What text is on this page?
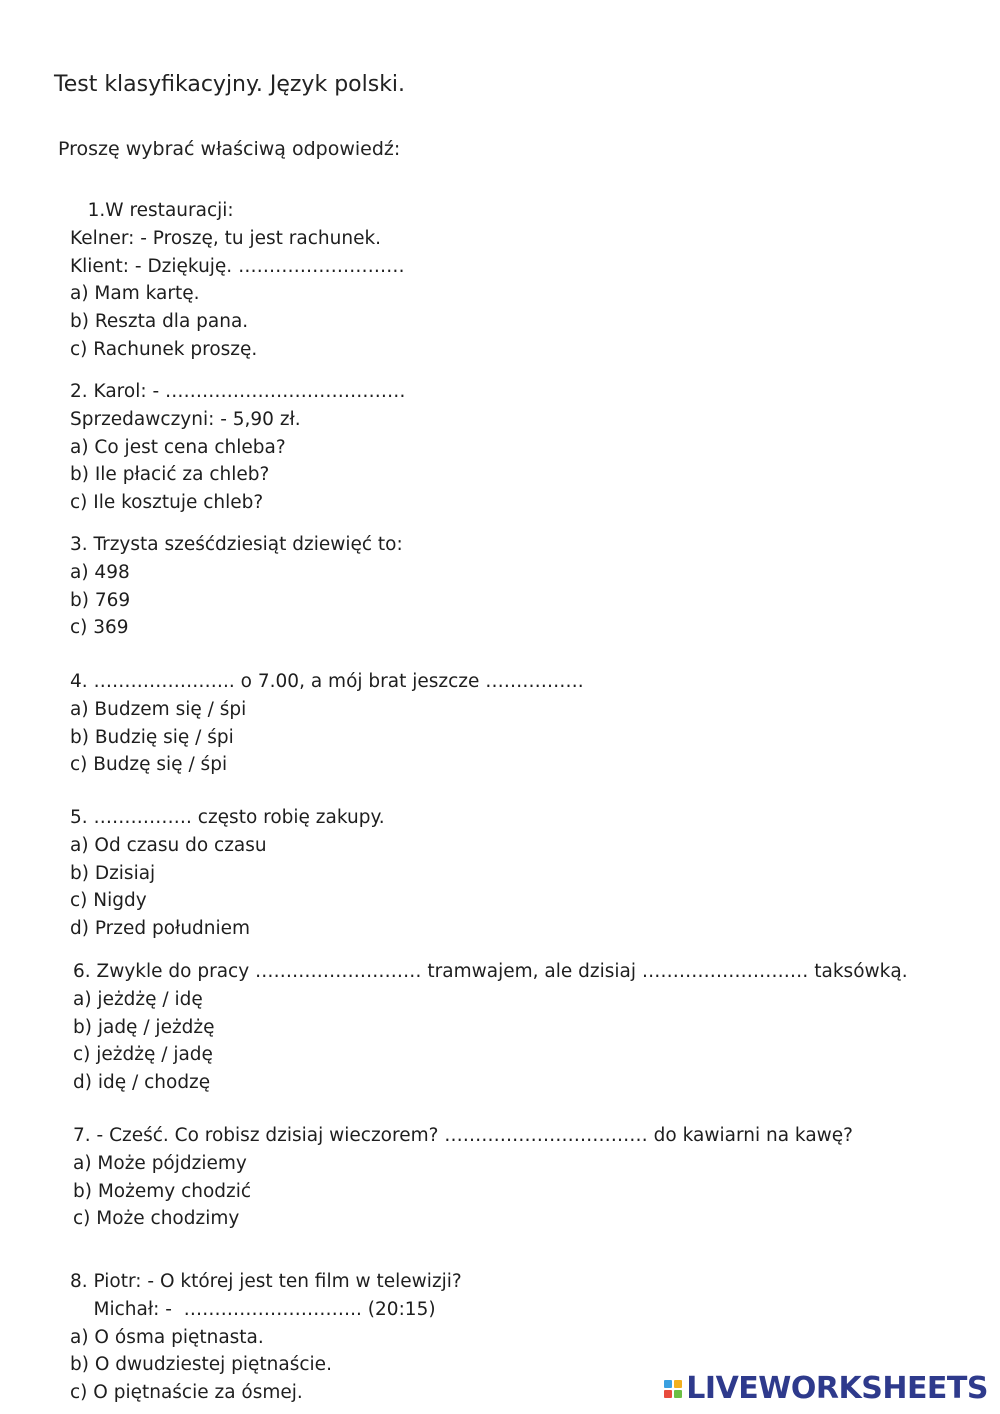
Test klasyfikacyjny. Język polski.
Proszę wybrać właściwą odpowiedź:
1.W restauracji:
Kelner: - Proszę, tu jest rachunek.
Klient: - Dziękuję. ………………………
a) Mam kartę.
b) Reszta dla pana.
c) Rachunek proszę.
2. Karol: - …………………………………
Sprzedawczyni: - 5,90 zł.
a) Co jest cena chleba?
b) Ile płacić za chleb?
c) Ile kosztuje chleb?
3. Trzysta sześćdziesiąt dziewięć to:
a) 498
b) 769
c) 369
4. ………………….. o 7.00, a mój brat jeszcze …………….
a) Budzem się / śpi
b) Budzię się / śpi
c) Budzę się / śpi
5. ……………. często robię zakupy.
a) Od czasu do czasu
b) Dzisiaj
c) Nigdy
d) Przed południem
6. Zwykle do pracy ……………………… tramwajem, ale dzisiaj ……………………… taksówką.
a) jeżdżę / idę
b) jadę / jeżdżę
c) jeżdżę / jadę
d) idę / chodzę
7. - Cześć. Co robisz dzisiaj wieczorem? …………………………… do kawiarni na kawę?
a) Może pójdziemy
b) Możemy chodzić
c) Może chodzimy
8. Piotr: - O której jest ten film w telewizji?
Michał: -  ……………………….. (20:15)
a) O ósma piętnasta.
b) O dwudziestej piętnaście.
c) O piętnaście za ósmej.	LIVEWORKSHEETS
